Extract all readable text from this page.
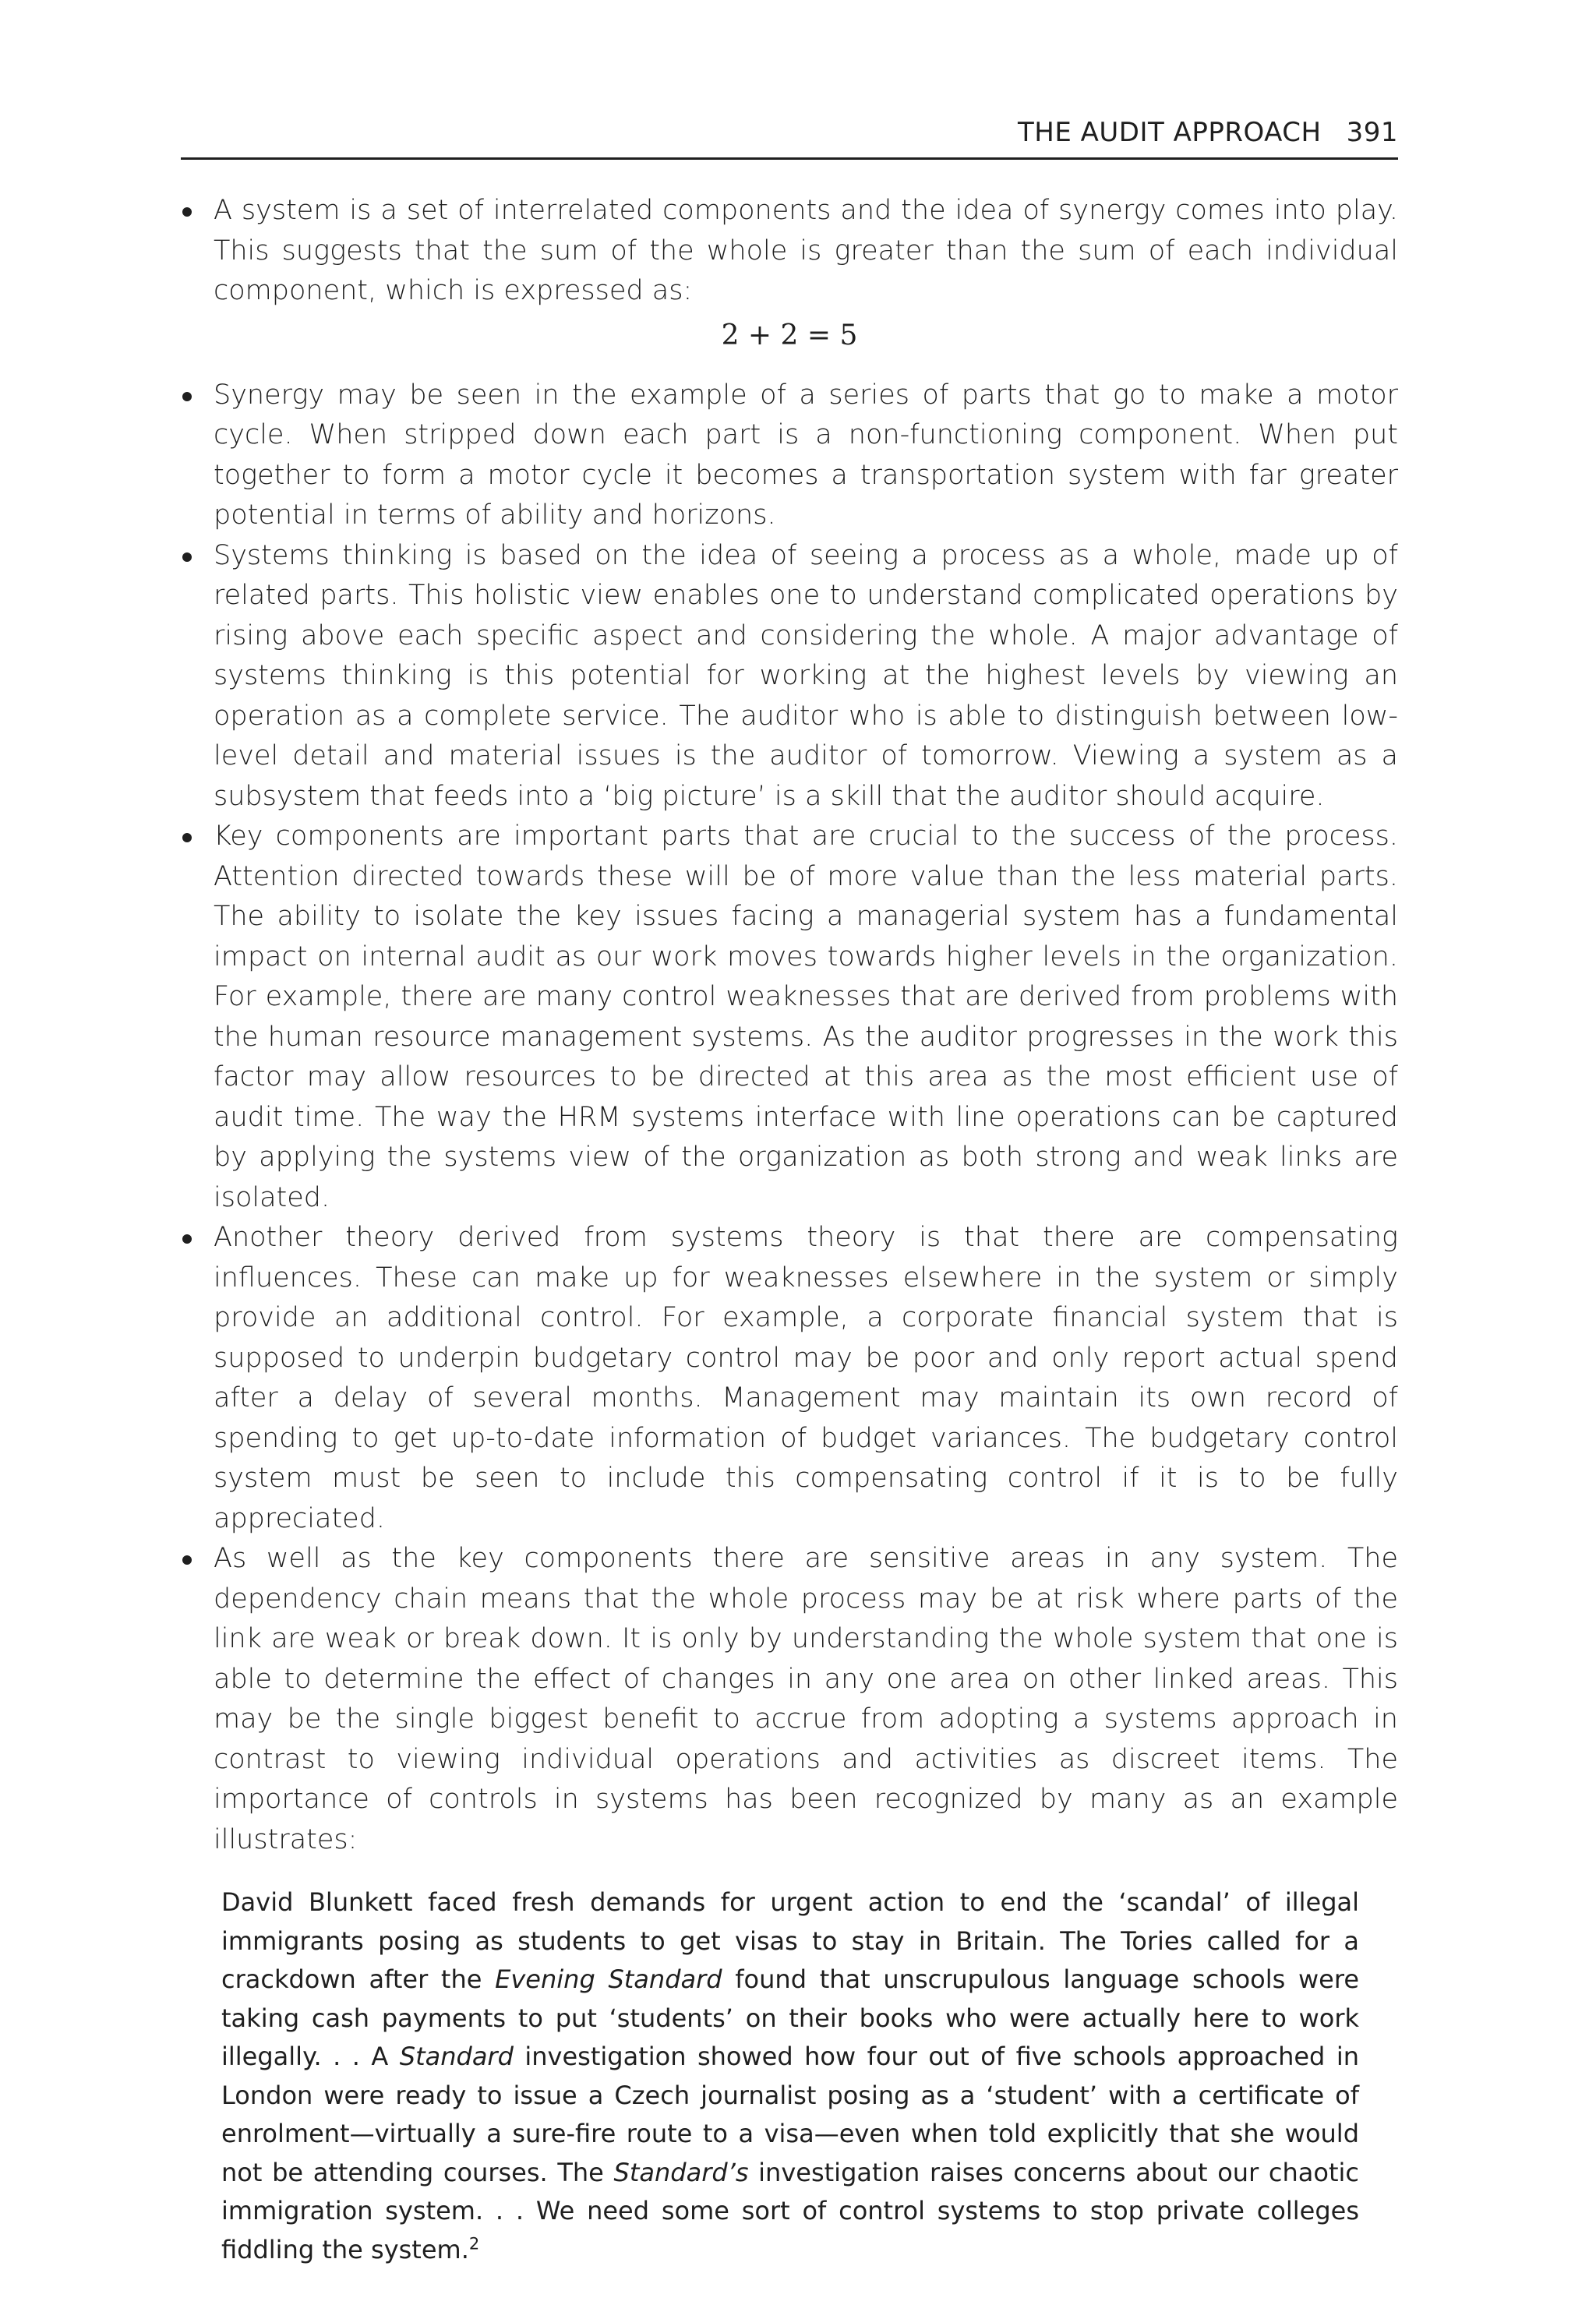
THE AUDIT APPROACH 391
A system is a set of interrelated components and the idea of synergy comes into play. This suggests that the sum of the whole is greater than the sum of each individual component, which is expressed as:
2 + 2 = 5
Synergy may be seen in the example of a series of parts that go to make a motor cycle. When stripped down each part is a non-functioning component. When put together to form a motor cycle it becomes a transportation system with far greater potential in terms of ability and horizons.
Systems thinking is based on the idea of seeing a process as a whole, made up of related parts. This holistic view enables one to understand complicated operations by rising above each specific aspect and considering the whole. A major advantage of systems thinking is this potential for working at the highest levels by viewing an operation as a complete service. The auditor who is able to distinguish between low-level detail and material issues is the auditor of tomorrow. Viewing a system as a subsystem that feeds into a ‘big picture’ is a skill that the auditor should acquire.
Key components are important parts that are crucial to the success of the process. Attention directed towards these will be of more value than the less material parts. The ability to isolate the key issues facing a managerial system has a fundamental impact on internal audit as our work moves towards higher levels in the organization. For example, there are many control weaknesses that are derived from problems with the human resource management systems. As the auditor progresses in the work this factor may allow resources to be directed at this area as the most efficient use of audit time. The way the HRM systems interface with line operations can be captured by applying the systems view of the organization as both strong and weak links are isolated.
Another theory derived from systems theory is that there are compensating influences. These can make up for weaknesses elsewhere in the system or simply provide an additional control. For example, a corporate financial system that is supposed to underpin budgetary control may be poor and only report actual spend after a delay of several months. Management may maintain its own record of spending to get up-to-date information of budget variances. The budgetary control system must be seen to include this compensating control if it is to be fully appreciated.
As well as the key components there are sensitive areas in any system. The dependency chain means that the whole process may be at risk where parts of the link are weak or break down. It is only by understanding the whole system that one is able to determine the effect of changes in any one area on other linked areas. This may be the single biggest benefit to accrue from adopting a systems approach in contrast to viewing individual operations and activities as discreet items. The importance of controls in systems has been recognized by many as an example illustrates:
David Blunkett faced fresh demands for urgent action to end the ‘scandal’ of illegal immigrants posing as students to get visas to stay in Britain. The Tories called for a crackdown after the Evening Standard found that unscrupulous language schools were taking cash payments to put ‘students’ on their books who were actually here to work illegally. . . A Standard investigation showed how four out of five schools approached in London were ready to issue a Czech journalist posing as a ‘student’ with a certificate of enrolment—virtually a sure-fire route to a visa—even when told explicitly that she would not be attending courses. The Standard’s investigation raises concerns about our chaotic immigration system. . . We need some sort of control systems to stop private colleges fiddling the system.$^2$
